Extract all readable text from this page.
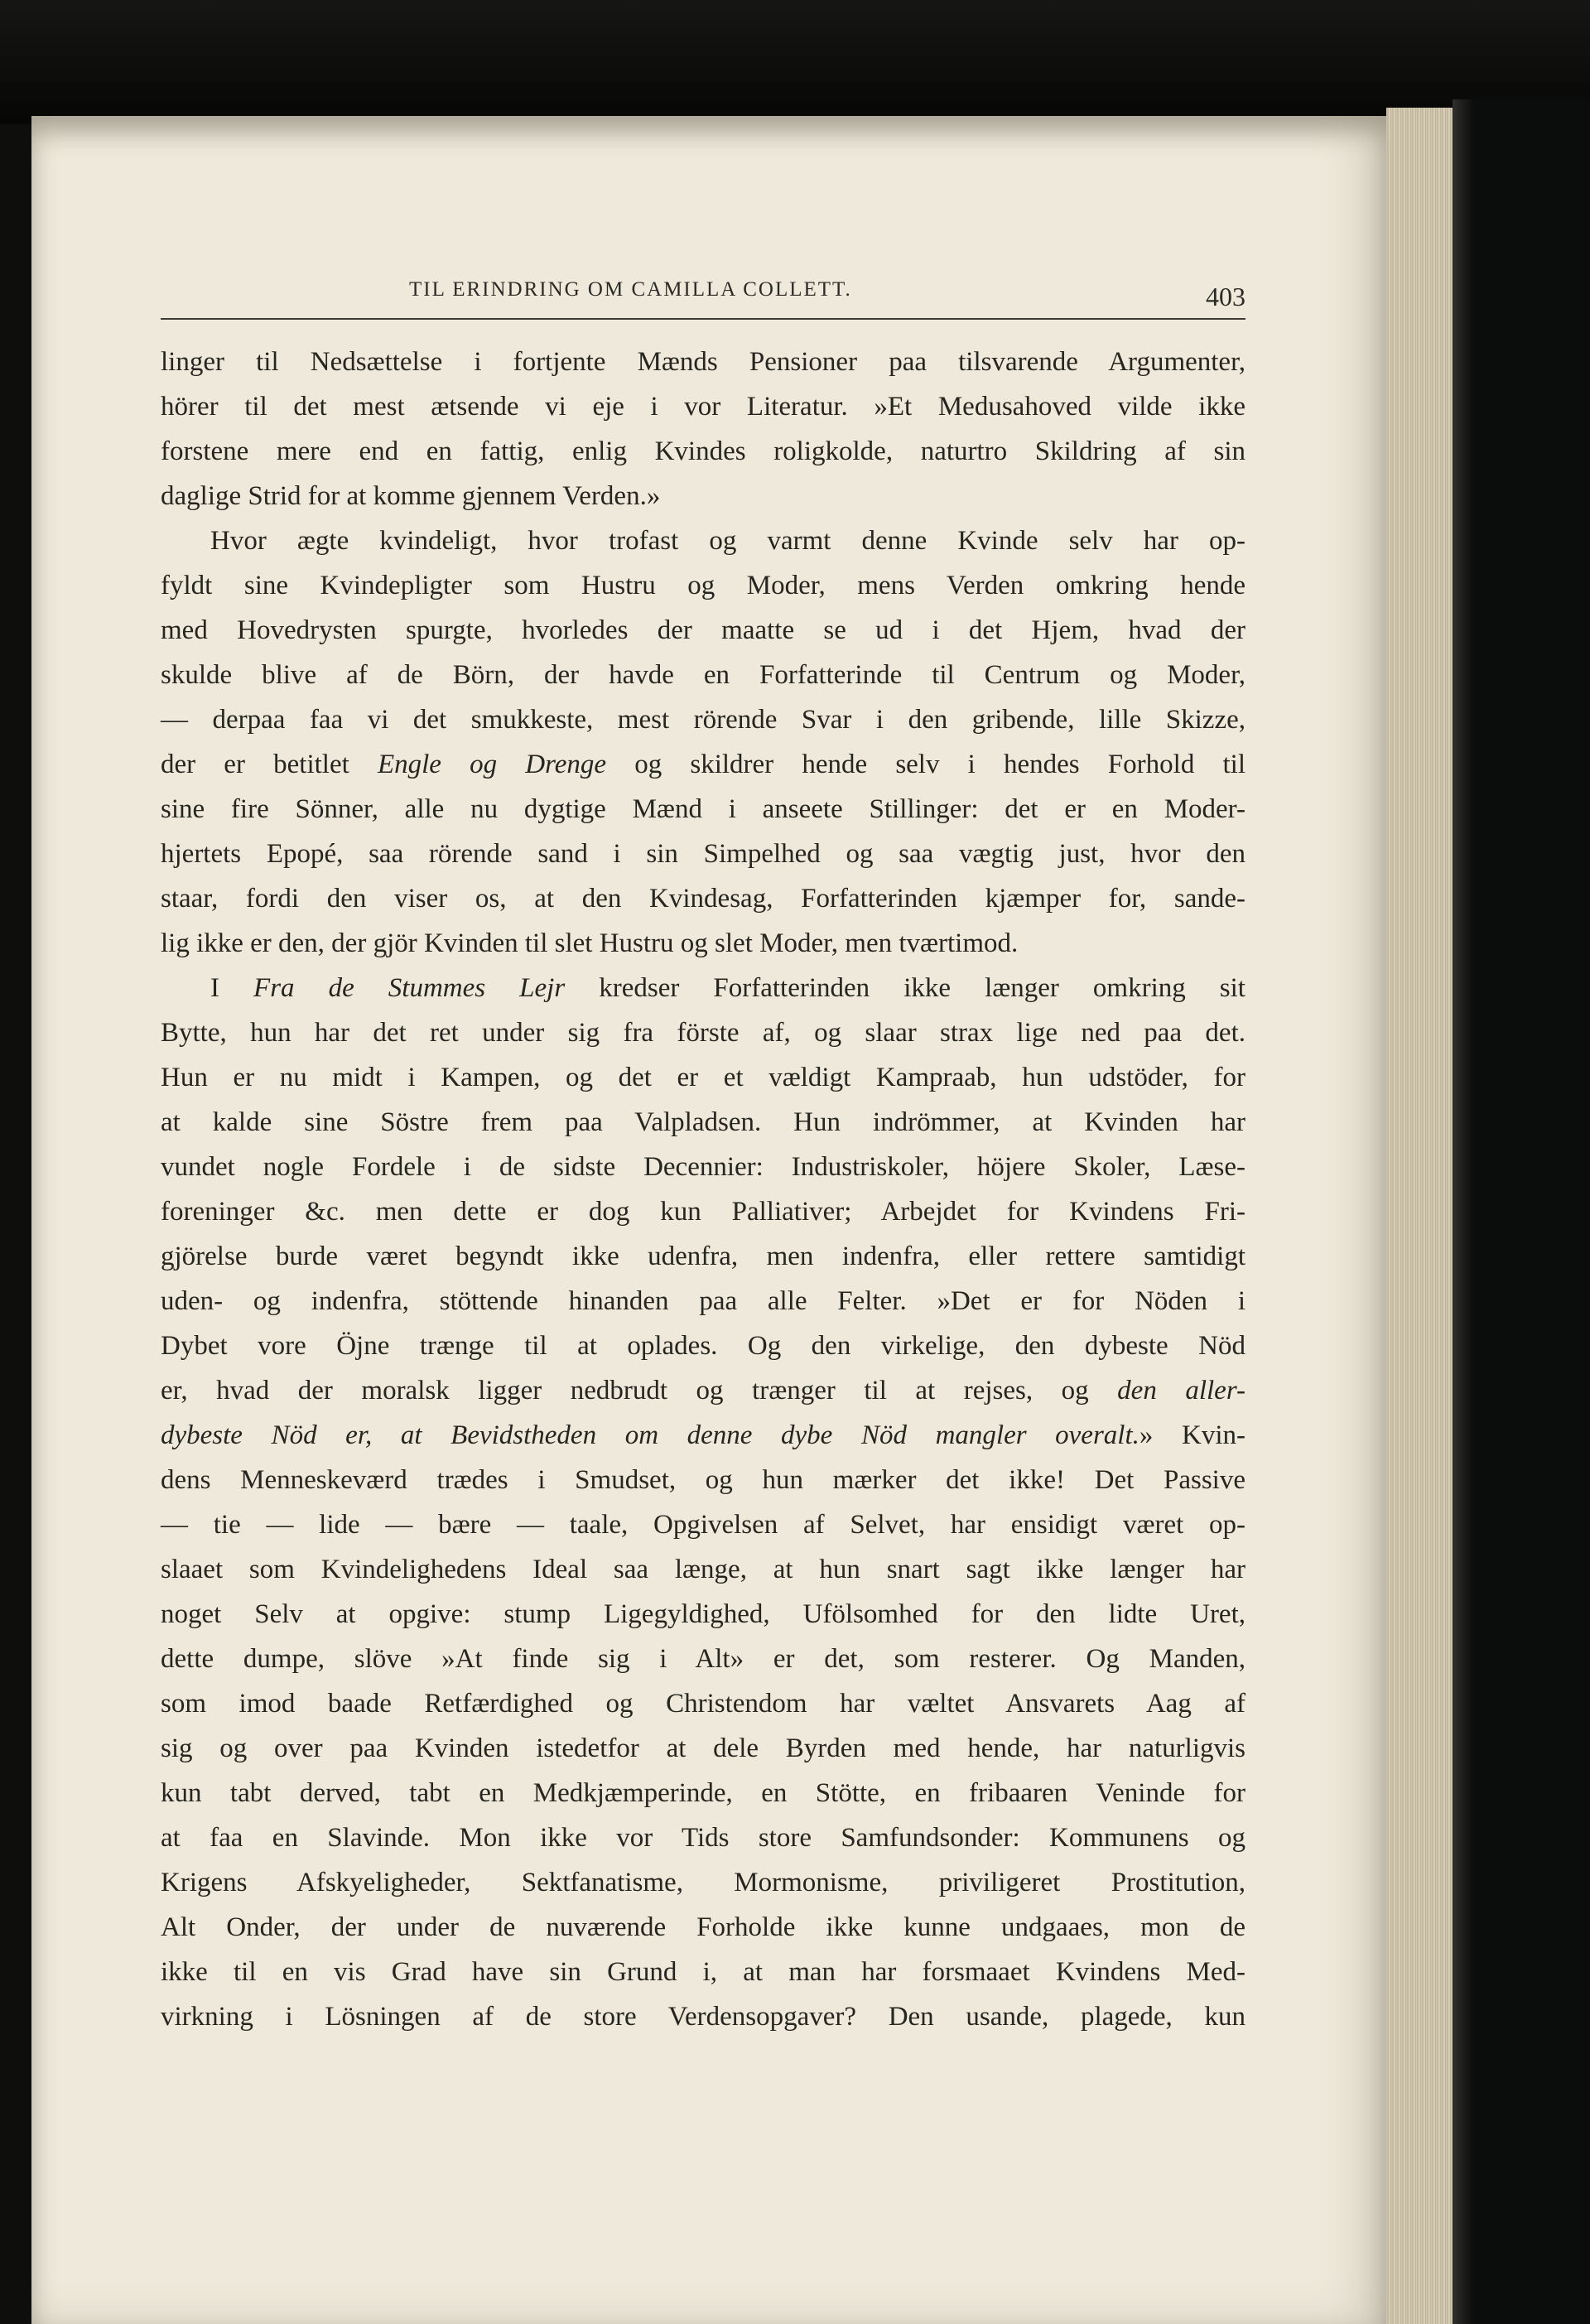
TIL ERINDRING OM CAMILLA COLLETT.	403
linger til Nedsættelse i fortjente Mænds Pensioner paa tilsvarende Argumenter,
hörer til det mest ætsende vi eje i vor Literatur. »Et Medusahoved vilde ikke
forstene mere end en fattig, enlig Kvindes roligkolde, naturtro Skildring af sin
daglige Strid for at komme gjennem Verden.»
Hvor ægte kvindeligt, hvor trofast og varmt denne Kvinde selv har op-
fyldt sine Kvindepligter som Hustru og Moder, mens Verden omkring hende
med Hovedrysten spurgte, hvorledes der maatte se ud i det Hjem, hvad der
skulde blive af de Börn, der havde en Forfatterinde til Centrum og Moder,
— derpaa faa vi det smukkeste, mest rörende Svar i den gribende, lille Skizze,
der er betitlet Engle og Drenge og skildrer hende selv i hendes Forhold til
sine fire Sönner, alle nu dygtige Mænd i anseete Stillinger: det er en Moder-
hjertets Epopé, saa rörende sand i sin Simpelhed og saa vægtig just, hvor den
staar, fordi den viser os, at den Kvindesag, Forfatterinden kjæmper for, sande-
lig ikke er den, der gjör Kvinden til slet Hustru og slet Moder, men tværtimod.
I Fra de Stummes Lejr kredser Forfatterinden ikke længer omkring sit
Bytte, hun har det ret under sig fra förste af, og slaar strax lige ned paa det.
Hun er nu midt i Kampen, og det er et vældigt Kampraab, hun udstöder, for
at kalde sine Söstre frem paa Valpladsen. Hun indrömmer, at Kvinden har
vundet nogle Fordele i de sidste Decennier: Industriskoler, höjere Skoler, Læse-
foreninger &c. men dette er dog kun Palliativer; Arbejdet for Kvindens Fri-
gjörelse burde været begyndt ikke udenfra, men indenfra, eller rettere samtidigt
uden- og indenfra, stöttende hinanden paa alle Felter. »Det er for Nöden i
Dybet vore Öjne trænge til at oplades. Og den virkelige, den dybeste Nöd
er, hvad der moralsk ligger nedbrudt og trænger til at rejses, og den aller-
dybeste Nöd er, at Bevidstheden om denne dybe Nöd mangler overalt.» Kvin-
dens Menneskeværd trædes i Smudset, og hun mærker det ikke! Det Passive
— tie — lide — bære — taale, Opgivelsen af Selvet, har ensidigt været op-
slaaet som Kvindelighedens Ideal saa længe, at hun snart sagt ikke længer har
noget Selv at opgive: stump Ligegyldighed, Ufölsomhed for den lidte Uret,
dette dumpe, slöve »At finde sig i Alt» er det, som resterer. Og Manden,
som imod baade Retfærdighed og Christendom har væltet Ansvarets Aag af
sig og over paa Kvinden istedetfor at dele Byrden med hende, har naturligvis
kun tabt derved, tabt en Medkjæmperinde, en Stötte, en fribaaren Veninde for
at faa en Slavinde. Mon ikke vor Tids store Samfundsonder: Kommunens og
Krigens Afskyeligheder, Sektfanatisme, Mormonisme, priviligeret Prostitution,
Alt Onder, der under de nuværende Forholde ikke kunne undgaaes, mon de
ikke til en vis Grad have sin Grund i, at man har forsmaaet Kvindens Med-
virkning i Lösningen af de store Verdensopgaver? Den usande, plagede, kun
